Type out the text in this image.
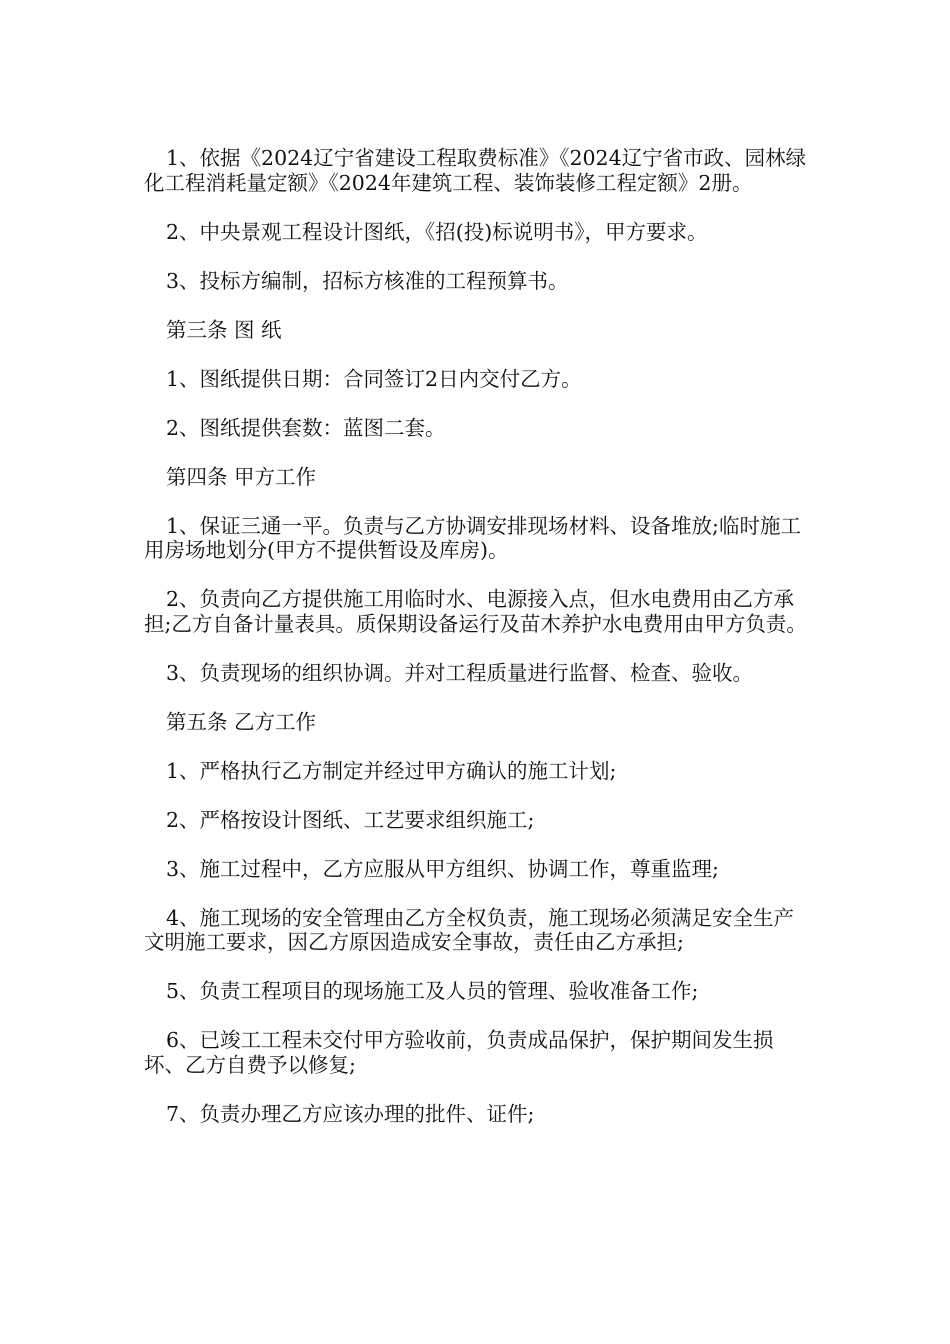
1、依据《2024辽宁省建设工程取费标准》《2024辽宁省市政、园林绿化工程消耗量定额》《2024年建筑工程、装饰装修工程定额》2册。

2、中央景观工程设计图纸，《招(投)标说明书》，甲方要求。

3、投标方编制，招标方核准的工程预算书。

第三条 图 纸

1、图纸提供日期：合同签订2日内交付乙方。

2、图纸提供套数：蓝图二套。

第四条 甲方工作

1、保证三通一平。负责与乙方协调安排现场材料、设备堆放;临时施工用房场地划分(甲方不提供暂设及库房)。

2、负责向乙方提供施工用临时水、电源接入点，但水电费用由乙方承担;乙方自备计量表具。质保期设备运行及苗木养护水电费用由甲方负责。

3、负责现场的组织协调。并对工程质量进行监督、检查、验收。

第五条 乙方工作

1、严格执行乙方制定并经过甲方确认的施工计划;

2、严格按设计图纸、工艺要求组织施工;

3、施工过程中，乙方应服从甲方组织、协调工作，尊重监理;

4、施工现场的安全管理由乙方全权负责，施工现场必须满足安全生产文明施工要求，因乙方原因造成安全事故，责任由乙方承担;

5、负责工程项目的现场施工及人员的管理、验收准备工作;

6、已竣工工程未交付甲方验收前，负责成品保护，保护期间发生损坏、乙方自费予以修复;

7、负责办理乙方应该办理的批件、证件;
